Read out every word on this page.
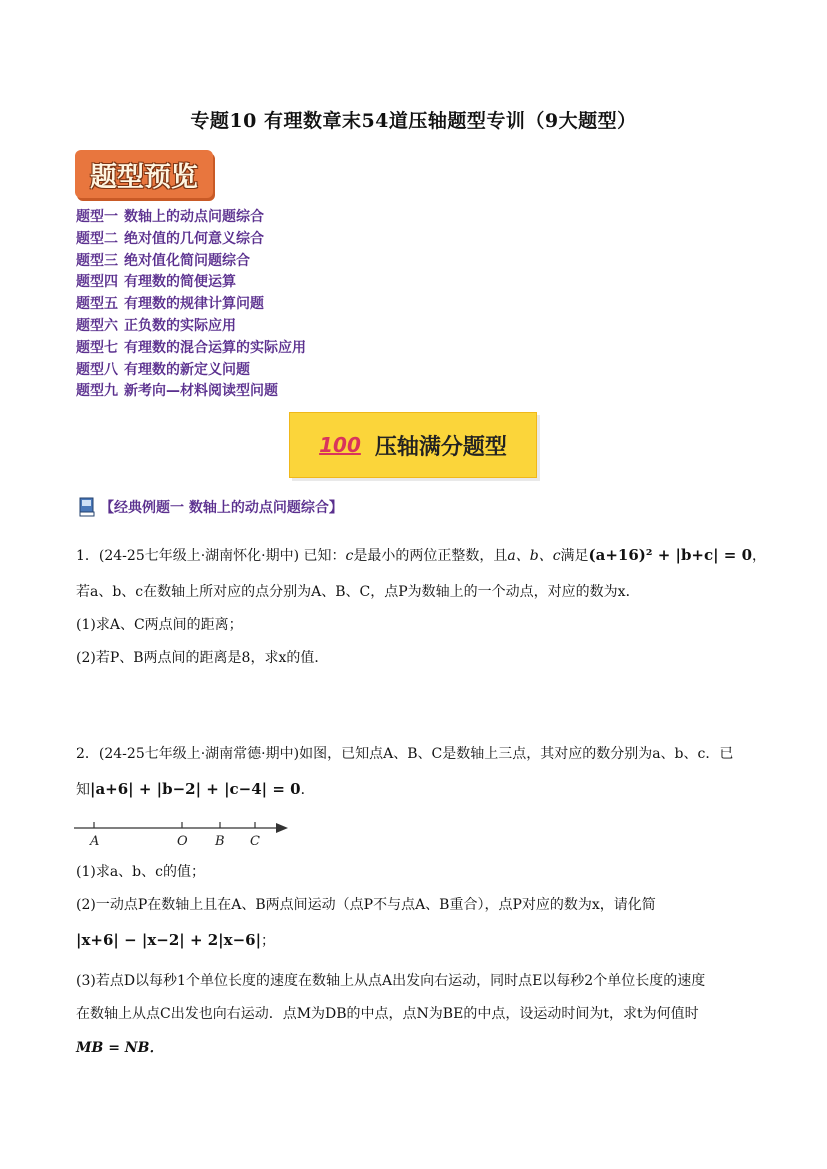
专题10 有理数章末54道压轴题型专训（9大题型）
题型预览
题型一 数轴上的动点问题综合
题型二 绝对值的几何意义综合
题型三 绝对值化简问题综合
题型四 有理数的简便运算
题型五 有理数的规律计算问题
题型六 正负数的实际应用
题型七 有理数的混合运算的实际应用
题型八 有理数的新定义问题
题型九 新考向—材料阅读型问题
100 压轴满分题型
【经典例题一 数轴上的动点问题综合】
1．(24-25七年级上·湖南怀化·期中) 已知：c是最小的两位正整数，且a、b、c满足(a+16)² + |b+c| = 0，
若a、b、c在数轴上所对应的点分别为A、B、C，点P为数轴上的一个动点，对应的数为x．
(1)求A、C两点间的距离；
(2)若P、B两点间的距离是8，求x的值．
2．(24-25七年级上·湖南常德·期中)如图，已知点A、B、C是数轴上三点，其对应的数分别为a、b、c．已
知|a+6| + |b−2| + |c−4| = 0．
A	O B C
(1)求a、b、c的值；
(2)一动点P在数轴上且在A、B两点间运动（点P不与点A、B重合），点P对应的数为x，请化简
|x+6| − |x−2| + 2|x−6|；
(3)若点D以每秒1个单位长度的速度在数轴上从点A出发向右运动，同时点E以每秒2个单位长度的速度
在数轴上从点C出发也向右运动．点M为DB的中点，点N为BE的中点，设运动时间为t，求t为何值时
MB = NB．
